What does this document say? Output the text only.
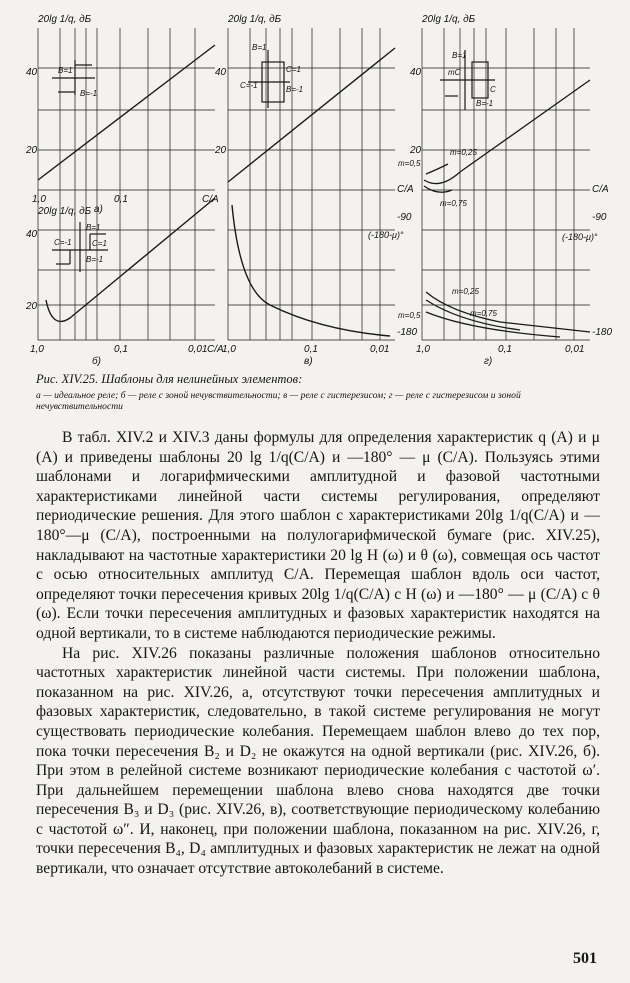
20lg 1/q, дБ
40
20
1,0	0,1	C/A
а)
B=1
B=-1
20lg 1/q, дБ
40
20
1,0	0,1	0,01 C/A
б)
B=1
C=-1	C=1
B=-1
20lg 1/q, дБ
40
20
1,0	0,1	0,01
в)
C/A
-90
(-180-μ)°
-180
B=1
C=-1
C=1
B=-1
20lg 1/q, дБ
40
20
1,0	0,1	0,01
г)
C/A
-90
(-180-μ)°
-180
B=1
mC
C
B=-1
m=0,5
m=0,25
m=0,75
m=0,25
m=0,5	m=0,75
Рис. XIV.25. Шаблоны для нелинейных элементов:
а — идеальное реле; б — реле с зоной нечувствительности; в — реле с гистерезисом; г — реле с гистерезисом и зоной нечувствительности

В табл. XIV.2 и XIV.3 даны формулы для определения характеристик q (A) и μ (A) и приведены шаблоны 20 lg 1/q(C/A) и —180° — μ (C/A). Пользуясь этими шаблонами и логарифмическими амплитудной и фазовой частотными характеристиками линейной части системы регулирования, определяют периодические решения. Для этого шаблон с характеристиками 20lg 1/q(C/A) и —180°—μ (C/A), построенными на полулогарифмической бумаге (рис. XIV.25), накладывают на частотные характеристики 20 lg H (ω) и θ (ω), совмещая ось частот с осью относительных амплитуд C/A. Перемещая шаблон вдоль оси частот, определяют точки пересечения кривых 20lg 1/q(C/A) с H (ω) и —180° — μ (C/A) с θ (ω). Если точки пересечения амплитудных и фазовых характеристик находятся на одной вертикали, то в системе наблюдаются периодические режимы.

На рис. XIV.26 показаны различные положения шаблонов относительно частотных характеристик линейной части системы. При положении шаблона, показанном на рис. XIV.26, а, отсутствуют точки пересечения амплитудных и фазовых характеристик, следовательно, в такой системе регулирования не могут существовать периодические колебания. Перемещаем шаблон влево до тех пор, пока точки пересечения B₂ и D₂ не окажутся на одной вертикали (рис. XIV.26, б). При этом в релейной системе возникают периодические колебания с частотой ω′. При дальнейшем перемещении шаблона влево снова находятся две точки пересечения B₃ и D₃ (рис. XIV.26, в), соответствующие периодическому колебанию с частотой ω″. И, наконец, при положении шаблона, показанном на рис. XIV.26, г, точки пересечения B₄, D₄ амплитудных и фазовых характеристик не лежат на одной вертикали, что означает отсутствие автоколебаний в системе.

501
